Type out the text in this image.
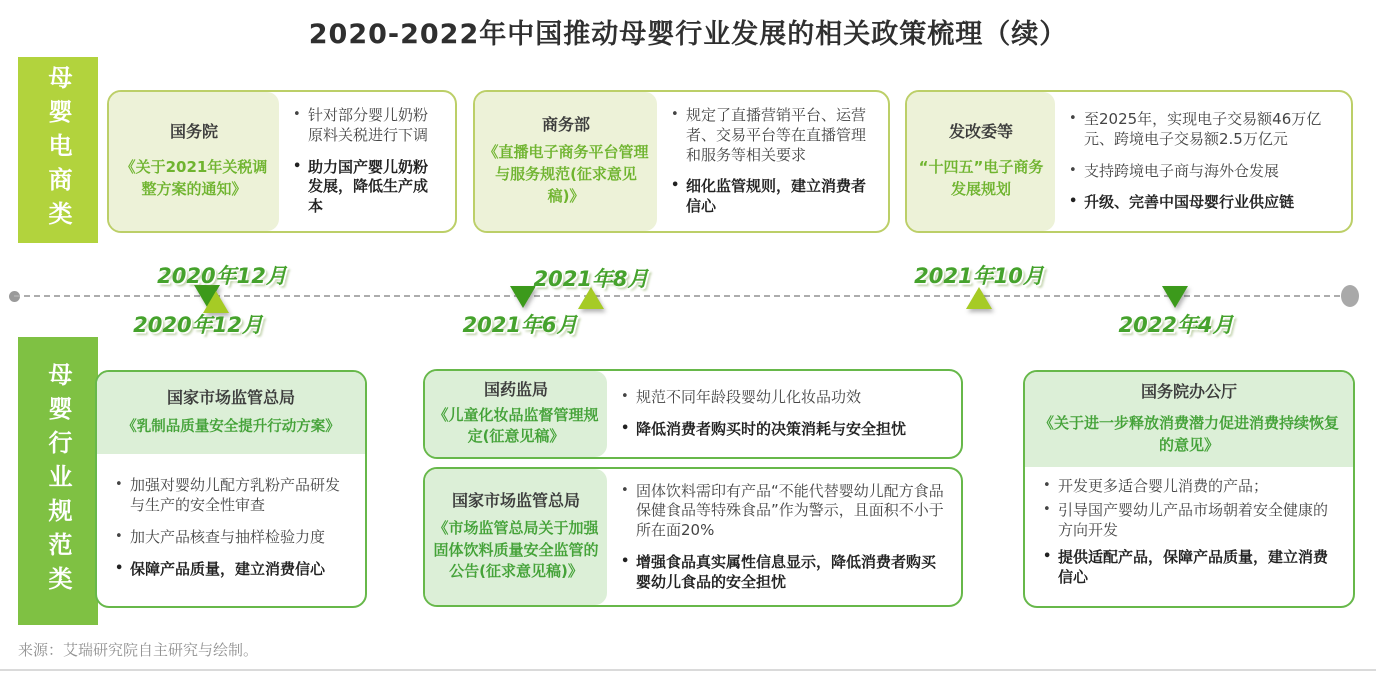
2020-2022年中国推动母婴行业发展的相关政策梳理（续）
母婴电商类
母婴行业规范类
国务院
《关于2021年关税调整方案的通知》
• 针对部分婴儿奶粉原料关税进行下调
• 助力国产婴儿奶粉发展，降低生产成本
商务部
《直播电子商务平台管理与服务规范(征求意见稿)》
• 规定了直播营销平台、运营者、交易平台等在直播管理和服务等相关要求
• 细化监管规则，建立消费者信心
发改委等
“十四五”电子商务发展规划
• 至2025年，实现电子交易额46万亿元、跨境电子交易额2.5万亿元
• 支持跨境电子商与海外仓发展
• 升级、完善中国母婴行业供应链
2020年12月
2020年12月	2021年6月
2021年8月	2021年10月
2022年4月
国家市场监管总局
《乳制品质量安全提升行动方案》
• 加强对婴幼儿配方乳粉产品研发与生产的安全性审查
• 加大产品核查与抽样检验力度
• 保障产品质量，建立消费信心
国药监局
《儿童化妆品监督管理规定(征意见稿》
• 规范不同年龄段婴幼儿化妆品功效
• 降低消费者购买时的决策消耗与安全担忧
国家市场监管总局
《市场监管总局关于加强固体饮料质量安全监管的公告(征求意见稿)》
• 固体饮料需印有产品“不能代替婴幼儿配方食品保健食品等特殊食品”作为警示，且面积不小于所在面20%
• 增强食品真实属性信息显示，降低消费者购买婴幼儿食品的安全担忧
国务院办公厅
《关于进一步释放消费潜力促进消费持续恢复的意见》
• 开发更多适合婴儿消费的产品；
• 引导国产婴幼儿产品市场朝着安全健康的方向开发
• 提供适配产品，保障产品质量，建立消费信心
来源：艾瑞研究院自主研究与绘制。
